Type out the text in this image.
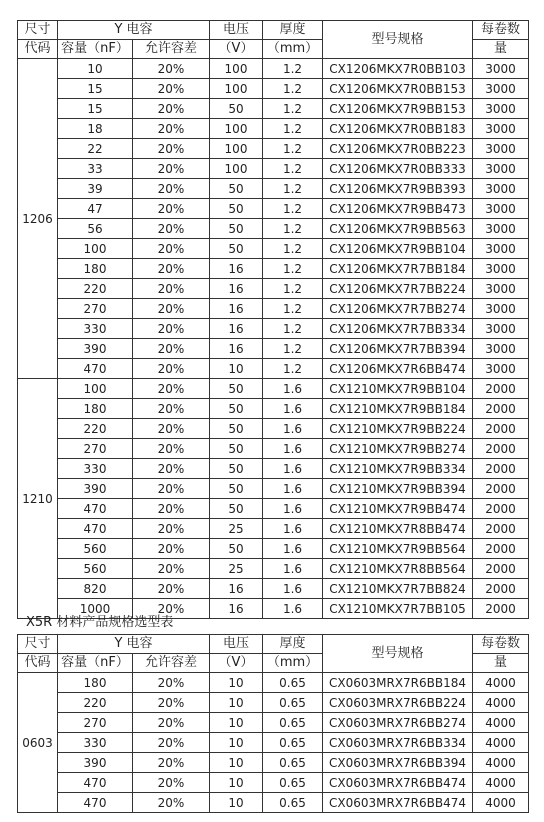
尺寸	Y 电容		电压	厚度	型号规格	每卷数
代码	容量（nF）	允许容差	（V）	（mm）		量
1206	10	20%	100	1.2	CX1206MKX7R0BB103	3000
	15	20%	100	1.2	CX1206MKX7R0BB153	3000
	15	20%	50	1.2	CX1206MKX7R9BB153	3000
	18	20%	100	1.2	CX1206MKX7R0BB183	3000
	22	20%	100	1.2	CX1206MKX7R0BB223	3000
	33	20%	100	1.2	CX1206MKX7R0BB333	3000
	39	20%	50	1.2	CX1206MKX7R9BB393	3000
	47	20%	50	1.2	CX1206MKX7R9BB473	3000
	56	20%	50	1.2	CX1206MKX7R9BB563	3000
	100	20%	50	1.2	CX1206MKX7R9BB104	3000
	180	20%	16	1.2	CX1206MKX7R7BB184	3000
	220	20%	16	1.2	CX1206MKX7R7BB224	3000
	270	20%	16	1.2	CX1206MKX7R7BB274	3000
	330	20%	16	1.2	CX1206MKX7R7BB334	3000
	390	20%	16	1.2	CX1206MKX7R7BB394	3000
	470	20%	10	1.2	CX1206MKX7R6BB474	3000
1210	100	20%	50	1.6	CX1210MKX7R9BB104	2000
	180	20%	50	1.6	CX1210MKX7R9BB184	2000
	220	20%	50	1.6	CX1210MKX7R9BB224	2000
	270	20%	50	1.6	CX1210MKX7R9BB274	2000
	330	20%	50	1.6	CX1210MKX7R9BB334	2000
	390	20%	50	1.6	CX1210MKX7R9BB394	2000
	470	20%	50	1.6	CX1210MKX7R9BB474	2000
	470	20%	25	1.6	CX1210MKX7R8BB474	2000
	560	20%	50	1.6	CX1210MKX7R9BB564	2000
	560	20%	25	1.6	CX1210MKX7R8BB564	2000
	820	20%	16	1.6	CX1210MKX7R7BB824	2000
	1000	20%	16	1.6	CX1210MKX7R7BB105	2000
X5R 材料产品规格选型表
尺寸	Y 电容		电压	厚度	型号规格	每卷数
代码	容量（nF）	允许容差	（V）	（mm）		量
0603	180	20%	10	0.65	CX0603MRX7R6BB184	4000
	220	20%	10	0.65	CX0603MRX7R6BB224	4000
	270	20%	10	0.65	CX0603MRX7R6BB274	4000
	330	20%	10	0.65	CX0603MRX7R6BB334	4000
	390	20%	10	0.65	CX0603MRX7R6BB394	4000
	470	20%	10	0.65	CX0603MRX7R6BB474	4000
	470	20%	10	0.65	CX0603MRX7R6BB474	4000
